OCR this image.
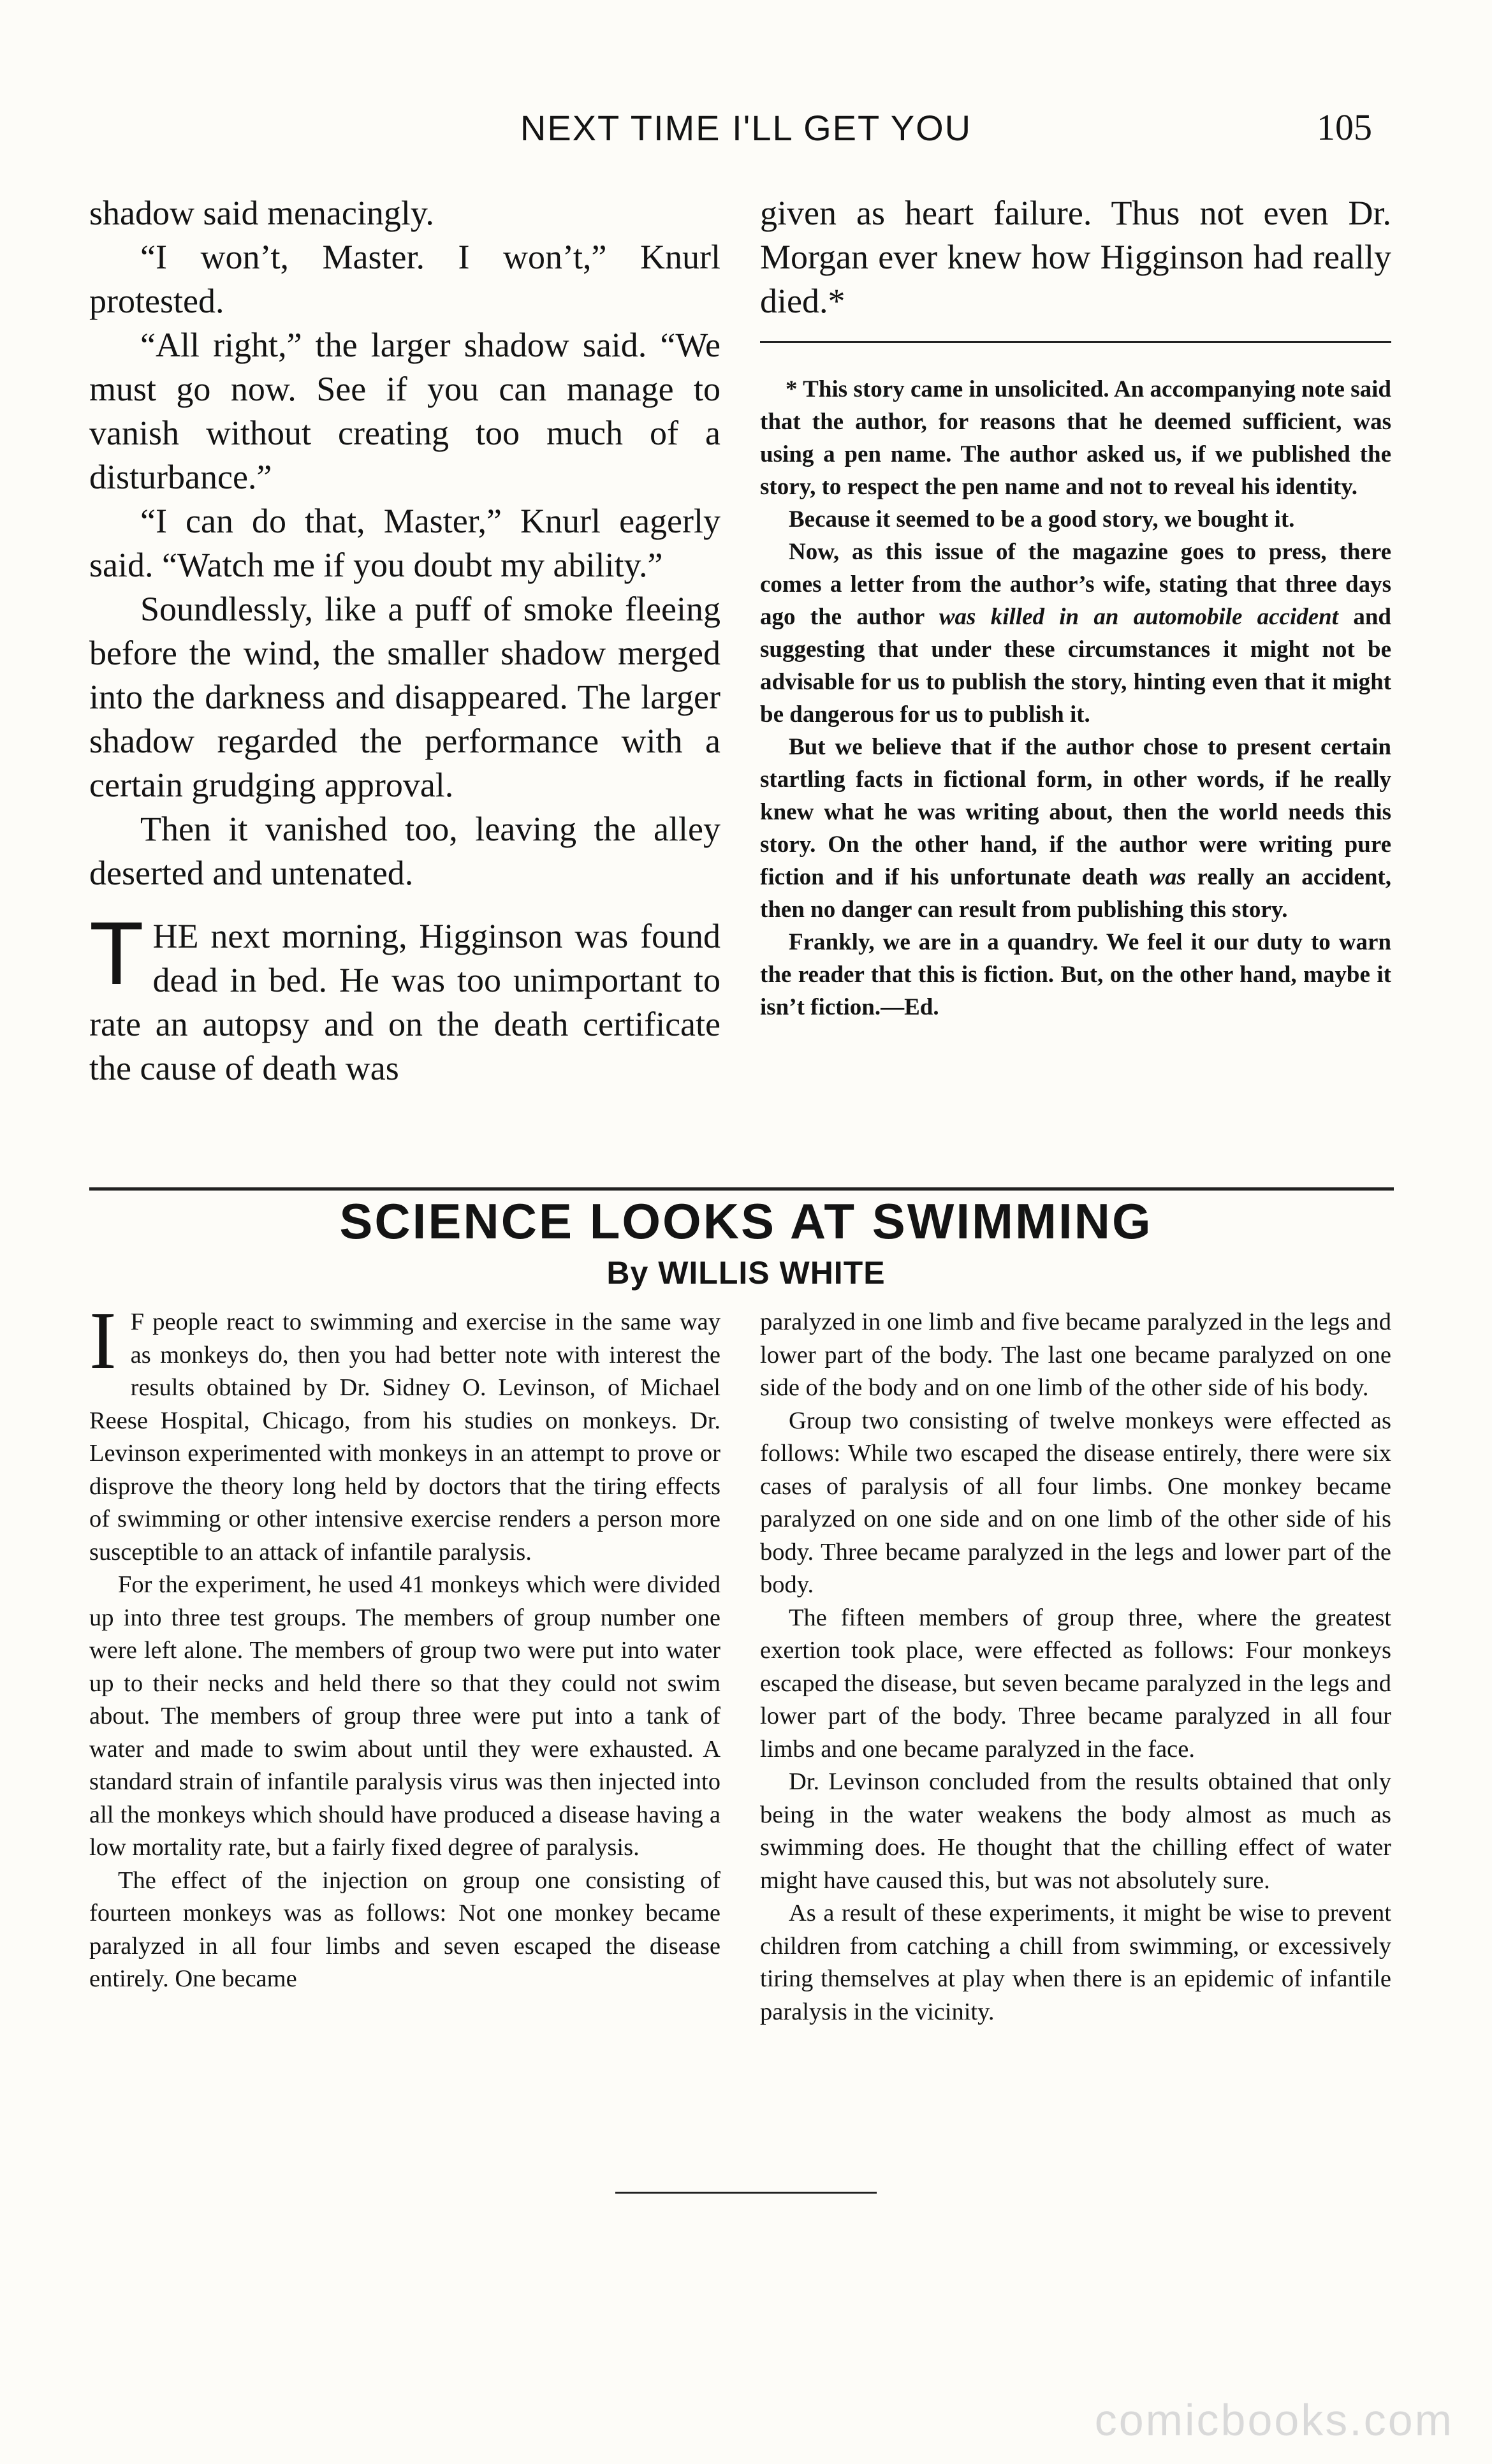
NEXT TIME I'LL GET YOU	105

shadow said menacingly.

“I won’t, Master. I won’t,” Knurl protested.

“All right,” the larger shadow said. “We must go now. See if you can manage to vanish without creating too much of a disturbance.”

“I can do that, Master,” Knurl eagerly said. “Watch me if you doubt my ability.”

Soundlessly, like a puff of smoke fleeing before the wind, the smaller shadow merged into the darkness and disappeared. The larger shadow regarded the performance with a certain grudging approval.

Then it vanished too, leaving the alley deserted and untenated.

THE next morning, Higginson was found dead in bed. He was too unimportant to rate an autopsy and on the death certificate the cause of death was

given as heart failure. Thus not even Dr. Morgan ever knew how Higginson had really died.*

* This story came in unsolicited. An accompanying note said that the author, for reasons that he deemed sufficient, was using a pen name. The author asked us, if we published the story, to respect the pen name and not to reveal his identity.

Because it seemed to be a good story, we bought it.

Now, as this issue of the magazine goes to press, there comes a letter from the author’s wife, stating that three days ago the author was killed in an automobile accident and suggesting that under these circumstances it might not be advisable for us to publish the story, hinting even that it might be dangerous for us to publish it.

But we believe that if the author chose to present certain startling facts in fictional form, in other words, if he really knew what he was writing about, then the world needs this story. On the other hand, if the author were writing pure fiction and if his unfortunate death was really an accident, then no danger can result from publishing this story.

Frankly, we are in a quandry. We feel it our duty to warn the reader that this is fiction. But, on the other hand, maybe it isn’t fiction.—Ed.

SCIENCE LOOKS AT SWIMMING
By WILLIS WHITE

I F people react to swimming and exercise in the same way as monkeys do, then you had better note with interest the results obtained by Dr. Sidney O. Levinson, of Michael Reese Hospital, Chicago, from his studies on monkeys. Dr. Levinson experimented with monkeys in an attempt to prove or disprove the theory long held by doctors that the tiring effects of swimming or other intensive exercise renders a person more susceptible to an attack of infantile paralysis.

For the experiment, he used 41 monkeys which were divided up into three test groups. The members of group number one were left alone. The members of group two were put into water up to their necks and held there so that they could not swim about. The members of group three were put into a tank of water and made to swim about until they were exhausted. A standard strain of infantile paralysis virus was then injected into all the monkeys which should have produced a disease having a low mortality rate, but a fairly fixed degree of paralysis.

The effect of the injection on group one consisting of fourteen monkeys was as follows: Not one monkey became paralyzed in all four limbs and seven escaped the disease entirely. One became

paralyzed in one limb and five became paralyzed in the legs and lower part of the body. The last one became paralyzed on one side of the body and on one limb of the other side of his body.

Group two consisting of twelve monkeys were effected as follows: While two escaped the disease entirely, there were six cases of paralysis of all four limbs. One monkey became paralyzed on one side and on one limb of the other side of his body. Three became paralyzed in the legs and lower part of the body.

The fifteen members of group three, where the greatest exertion took place, were effected as follows: Four monkeys escaped the disease, but seven became paralyzed in the legs and lower part of the body. Three became paralyzed in all four limbs and one became paralyzed in the face.

Dr. Levinson concluded from the results obtained that only being in the water weakens the body almost as much as swimming does. He thought that the chilling effect of water might have caused this, but was not absolutely sure.

As a result of these experiments, it might be wise to prevent children from catching a chill from swimming, or excessively tiring themselves at play when there is an epidemic of infantile paralysis in the vicinity.

comicbooks.com
